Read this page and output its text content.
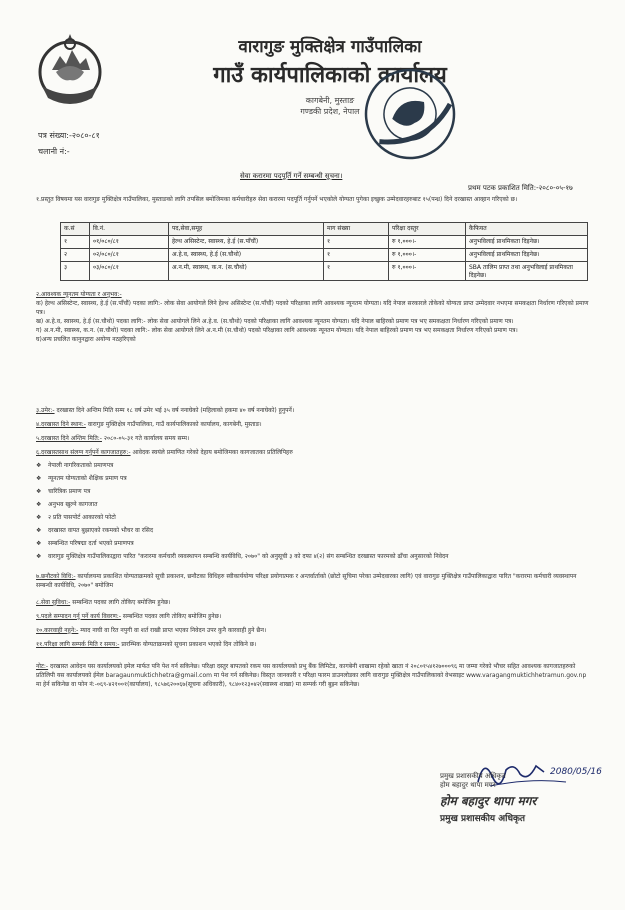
वारागुङ मुक्तिक्षेत्र गाउँपालिका
गाउँ कार्यपालिकाको कार्यालय
कागबेनी, मुस्ताङ
गण्डकी प्रदेश, नेपाल
पत्र संख्या:-२०८०-८१
चलानी नं:-
सेवा करारमा पदपूर्ति गर्ने सम्बन्धी सूचना।
प्रथम पटक प्रकाशित मिति:-२०८०-०५-१७
१.प्रस्तुत विषयमा यस वारागुङ मुक्तिक्षेत्र गाउँपालिका, मुस्ताङको लागि तपसिल बमोजिमका कर्मचारीहरु सेवा करारमा पदपूर्ति गर्नुपर्ने भएकोले योग्यता पुगेका इच्छुक उम्मेदवारहरुबाट १५(पन्ध्र) दिने दरखास्त आव्हान गरिएको छ।
क.सं	वि.नं.	पद,सेवा,समूह	माग संख्या	परिक्षा दस्तुर	कैफियत
१	०१/०८०/८१	हेल्थ असिस्टेन्ट, स्वास्थ्य, हे.ई (स.पाँचौं)	१	रु १,०००।-	अनुभविलाई प्राथमिकता दिइनेछ।
२	०२/०८०/८१	अ.हे.व, स्वास्थ्य, हे.ई (स.चौथो)	१	रु १,०००।-	अनुभविलाई प्राथमिकता दिइनेछ।
३	०३/०८०/८१	अ.न.मी, स्वास्थ्य, क.न. (स.चौथो)	१	रु १,०००।-	SBA तालिम प्राप्त तथा अनुभविलाई प्राथमिकता दिइनेछ।
२.आवश्यक न्यूनतम योग्यता र अनुभव:-
क) हेल्थ असिस्टेन्ट, स्वास्थ्य, हे.ई (स.पाँचौं) पदका लागि:- लोक सेवा आयोगले लिने हेल्थ असिस्टेन्ट (स.पाँचौं) पदको परिक्षाका लागि आवश्यक न्यूनतम योग्यता। यदि नेपाल सरकारले तोकेको योग्यता प्राप्त उम्मेदवार नभएमा समकक्षता निर्धारण गरिएको प्रमाण पत्र।
ख) अ.हे.व, स्वास्थ्य, हे.ई (स.चौथो) पदका लागि:- लोक सेवा आयोगले लिने अ.हे.व. (स.चौथो) पदको परिक्षाका लागि आवश्यक न्यूनतम योग्यता। यदि नेपाल बाहिरको प्रमाण पत्र भए समकक्षता निर्धारण गरिएको प्रमाण पत्र।
ग) अ.न.मी, स्वास्थ्य, क.न. (स.चौथो) पदका लागि:- लोक सेवा आयोगले लिने अ.न.मी (स.चौथो) पदको परिक्षाका लागि आवश्यक न्यूनतम योग्यता। यदि नेपाल बाहिरको प्रमाण पत्र भए समकक्षता निर्धारण गरिएको प्रमाण पत्र।
घ)अन्य प्रचलित कानुनद्वारा अयोग्य नठहरिएको
३.उमेर:- दरखास्त दिने अन्तिम मिति सम्म १८ वर्ष उमेर भई ३५ वर्ष ननाघेको (महिलाको हकमा ४० वर्ष ननाघेको) हुनुपर्ने।
४.दरखास्त दिने स्थान:- वारागुङ मुक्तिक्षेत्र गाउँपालिका, गाउँ कार्यपालिकाको कार्यालय, कागबेनी, मुस्ताङ।
५.दरखास्त दिने अन्तिम मिति:- २०८०-०५-३१ गते कार्यालय समय सम्म।
६.दरखास्तसाथ संलग्न गर्नुपर्ने कागजातहरु:- आवेदक स्वयंले प्रमाणित गरेको देहाय बमोजिमका कागजातका प्रतिलिपिहरु
❖ नेपाली नागरिकताको प्रमाणपत्र
❖ न्यूनतम योग्यताको शैक्षिक प्रमाण पत्र
❖ चारित्रिक प्रमाण पत्र
❖ अनुभव खुल्ने कागजात
❖ २ प्रति पासपोर्ट आकारको फोटो
❖ दरखास्त वापत बुझाएको रकमको भौचर वा रसिद
❖ सम्बन्धित परिषद्मा दर्ता भएको प्रमाणपत्र
❖ वारागुङ मुक्तिक्षेत्र गाउँपालिकाद्वारा पारित "करारमा कर्मचारी व्यवस्थापन सम्बन्धि कार्यविधि, २०७०" को अनुसूची ३ को दफा ४(२) संग सम्बन्धित दरखास्त फारमको ढाँचा अनुसारको निवेदन
७.छनौटको विधि:- कार्यालयमा प्रकाशित योग्यताक्रमको सूची प्रकाशन, छनौटका विधिहरु स्वीकार्ययोग्य परिक्षा प्रयोगात्मक र अन्तर्वार्ताको (छोटो सूचिमा परेका उम्मेदवारका लागि) एवं वारागुङ मुक्तिक्षेत्र गाउँपालिकाद्वारा पारित "करारमा कर्मचारी व्यवस्थापन सम्बन्धी कार्यविधि, २०७०" बमोजिम
८.सेवा सुविधा:- सम्बन्धित पदका लागि तोकिए बमोजिम हुनेछ।
९.पदले सम्पादन गर्नु पर्ने कार्य विवरण:- सम्बन्धित पदका लागि तोकिए बमोजिम हुनेछ।
१०.कारवाही नहुने:- म्याद नाघी वा रित नपुगी वा शर्त राखी प्राप्त भएका निवेदन उपर कुनै कारवाही हुने छैन।
११.परिक्षा लागि सम्पर्क मिति र समय:- प्रारम्भिक योग्यताक्रमको सूचना प्रकाशन भएको दिन तोकिने छ।
नोट:- दरखास्त आवेदन यस कार्यालयको इमेल मार्फत पनि पेश गर्न सकिनेछ। परिक्षा दस्तुर बापतको रकम यस कार्यालयको प्रभु बैंक लिमिटेड, कागबेनी शाखामा रहेको खाता नं २०८०१५४१२७०००९६ मा जम्मा गरेको भौचर सहित आवश्यक कागजातहरुको प्रतिलिपी यस कार्यालयको ईमेल baragaunmuktichhetra@gmail.com मा पेश गर्न सकिनेछ। विस्तृत जानकारी र परिक्षा फारम डाउनलोडका लागि वारागुङ मुक्तिक्षेत्र गाउँपालिकाको वेभसाइट www.varagangmuktichhetramun.gov.np मा हेर्न सकिनेछ वा फोन नं:-०६९-४२१००१(कार्यालय), ९८५७६२००६७(सूचना अधिकारी), ९८४०१२३०४२(स्वास्थ्य शाखा) मा सम्पर्क गरी बुझ्न सकिनेछ।
2080/05/16
प्रमुख प्रशासकीय अधिकृत
होम बहादुर थापा मगर
होम बहादुर थापा मगर
प्रमुख प्रशासकीय अधिकृत
